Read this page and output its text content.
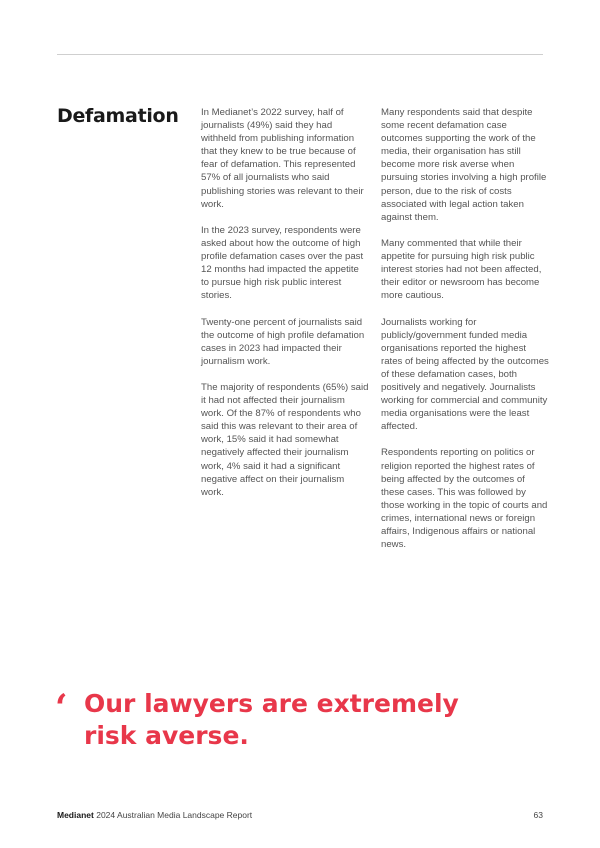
Defamation In Medianet’s 2022 survey, half of journalists (49%) said they had withheld from publishing information that they knew to be true because of fear of defamation. This represented 57% of all journalists who said publishing stories was relevant to their work.

In the 2023 survey, respondents were asked about how the outcome of high profile defamation cases over the past 12 months had impacted the appetite to pursue high risk public interest stories.

Twenty-one percent of journalists said the outcome of high profile defamation cases in 2023 had impacted their journalism work.

The majority of respondents (65%) said it had not affected their journalism work. Of the 87% of respondents who said this was relevant to their area of work, 15% said it had somewhat negatively affected their journalism work, 4% said it had a significant negative affect on their journalism work.

Many respondents said that despite some recent defamation case outcomes supporting the work of the media, their organisation has still become more risk averse when pursuing stories involving a high profile person, due to the risk of costs associated with legal action taken against them.

Many commented that while their appetite for pursuing high risk public interest stories had not been affected, their editor or newsroom has become more cautious.

Journalists working for publicly/government funded media organisations reported the highest rates of being affected by the outcomes of these defamation cases, both positively and negatively. Journalists working for commercial and community media organisations were the least affected.

Respondents reporting on politics or religion reported the highest rates of being affected by the outcomes of these cases. This was followed by those working in the topic of courts and crimes, international news or foreign affairs, Indigenous affairs or national news.

‘ Our lawyers are extremely risk averse.

Medianet 2024 Australian Media Landscape Report	63
